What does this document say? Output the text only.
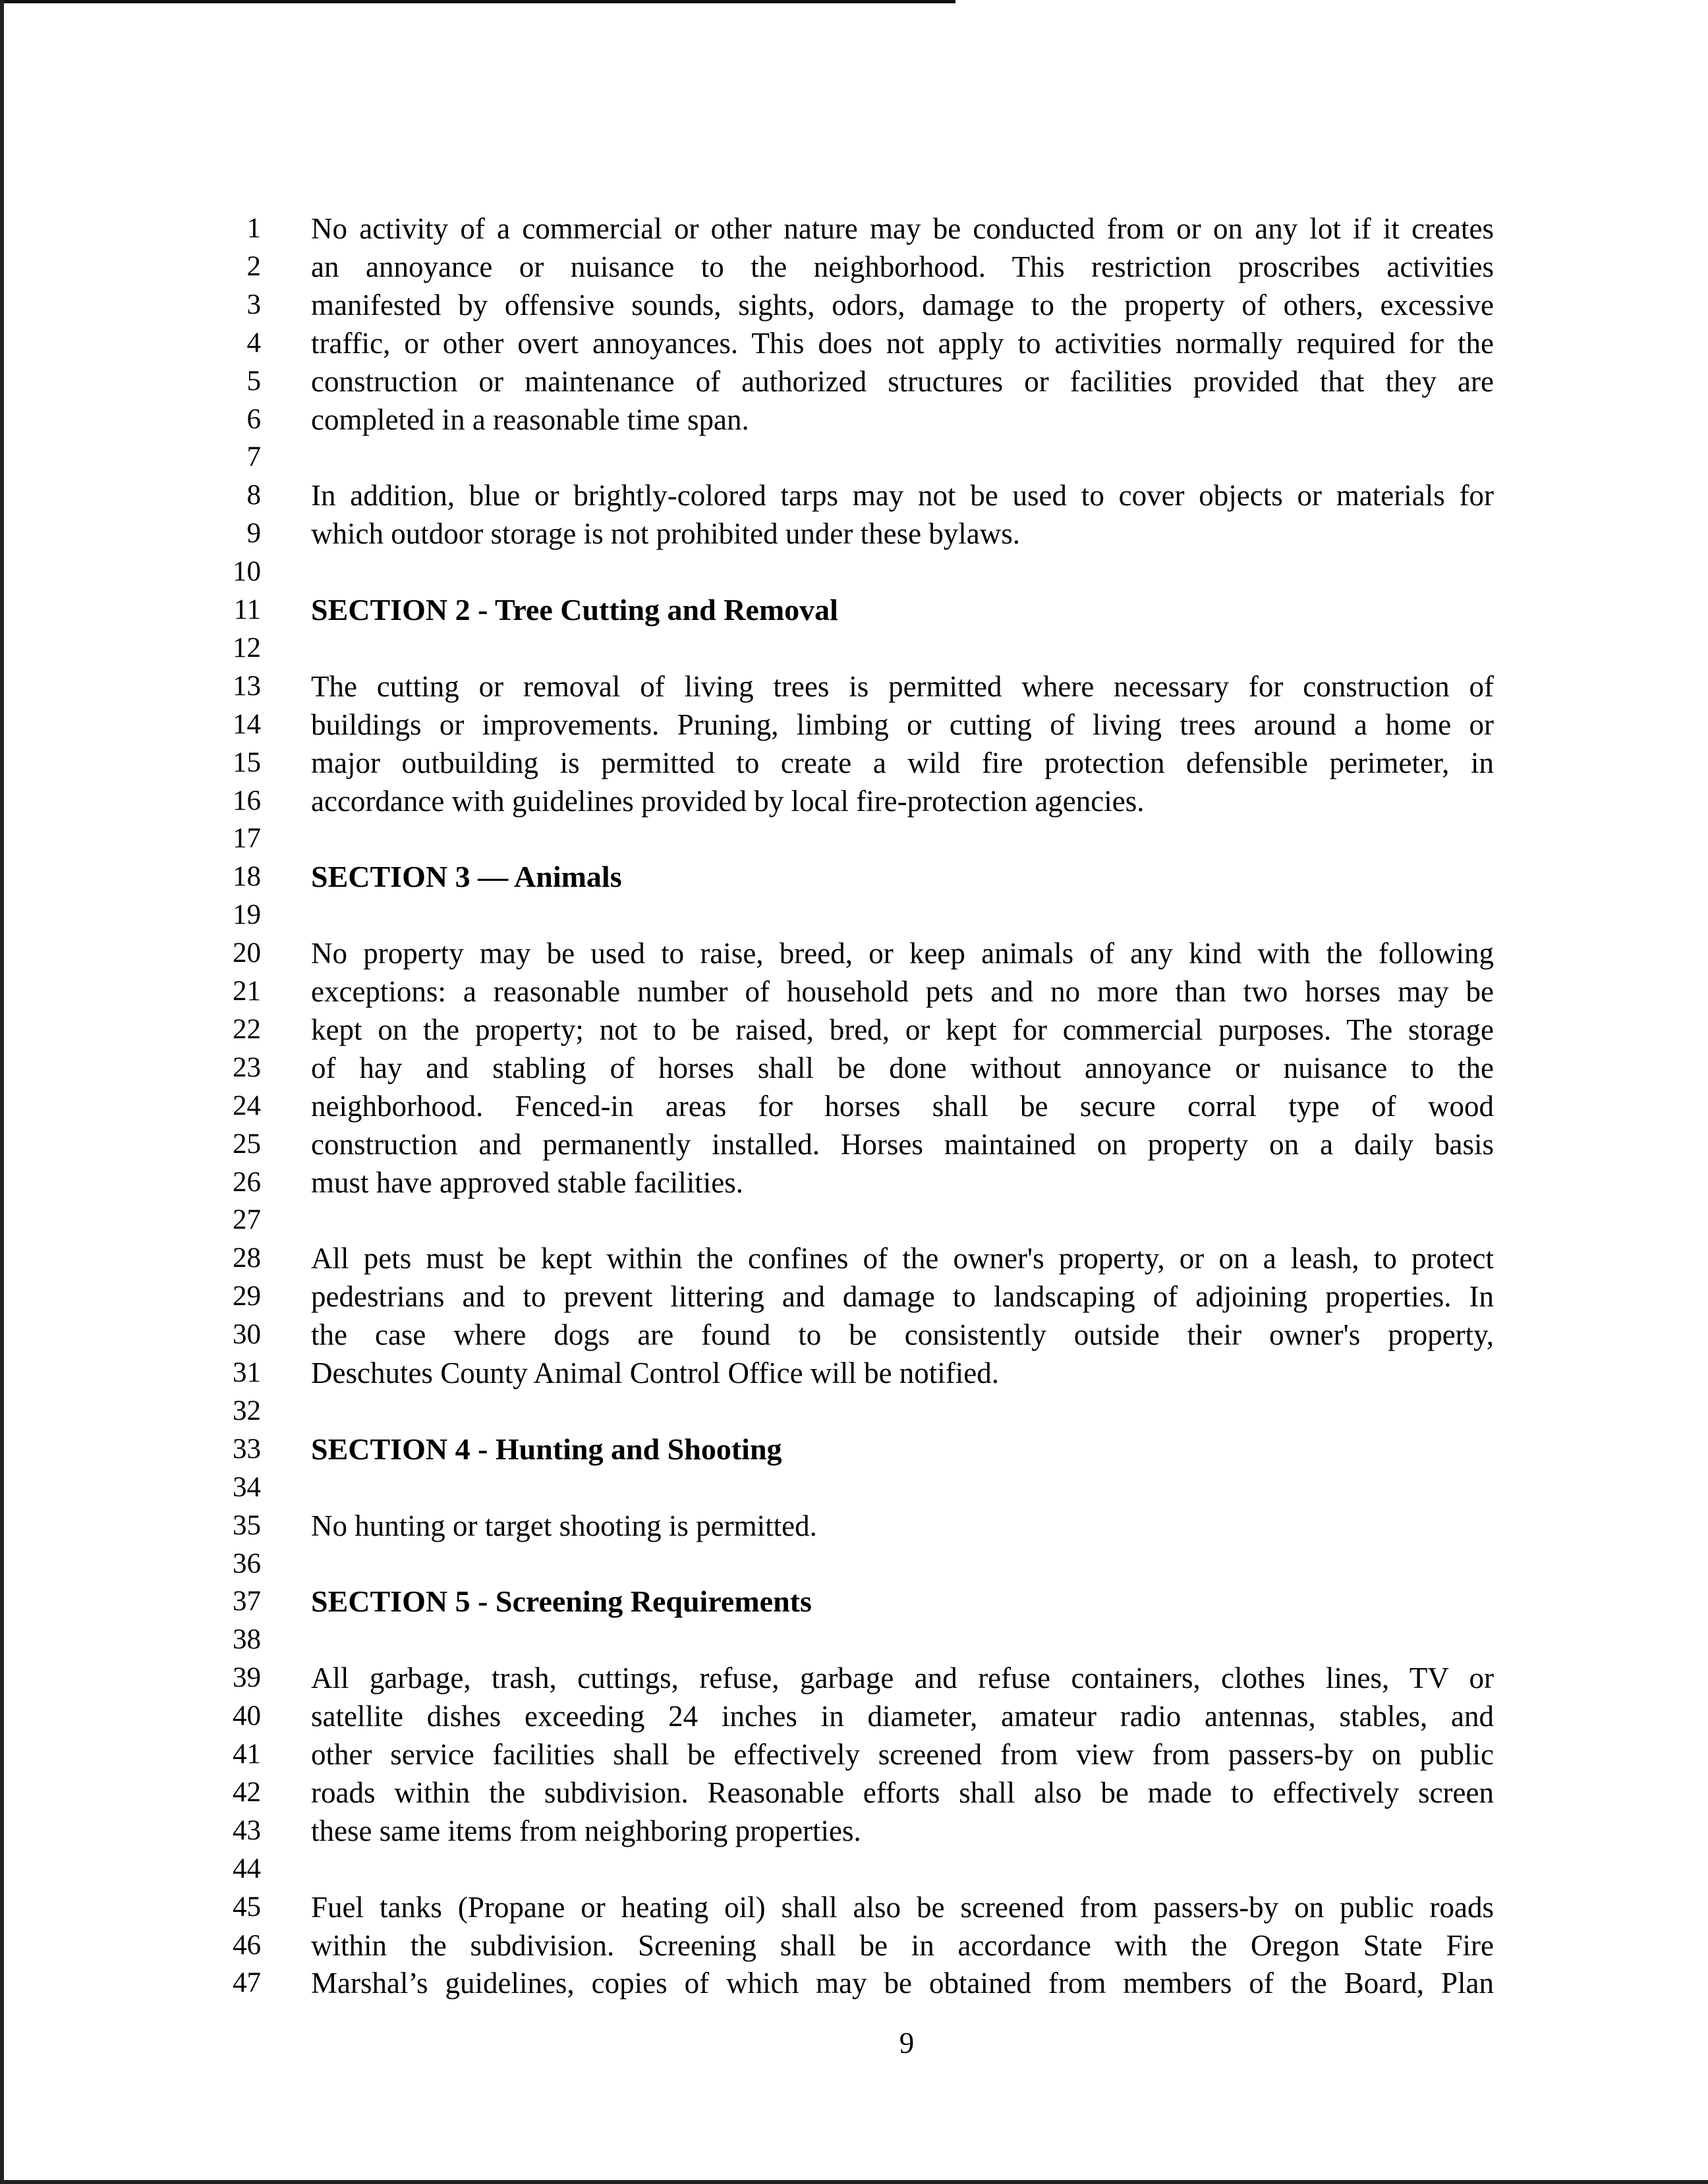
1 No activity of a commercial or other nature may be conducted from or on any lot if it creates
2 an annoyance or nuisance to the neighborhood. This restriction proscribes activities
3 manifested by offensive sounds, sights, odors, damage to the property of others, excessive
4 traffic, or other overt annoyances. This does not apply to activities normally required for the
5 construction or maintenance of authorized structures or facilities provided that they are
6 completed in a reasonable time span.
7
8 In addition, blue or brightly-colored tarps may not be used to cover objects or materials for
9 which outdoor storage is not prohibited under these bylaws.
10
11 SECTION 2 - Tree Cutting and Removal
12
13 The cutting or removal of living trees is permitted where necessary for construction of
14 buildings or improvements. Pruning, limbing or cutting of living trees around a home or
15 major outbuilding is permitted to create a wild fire protection defensible perimeter, in
16 accordance with guidelines provided by local fire-protection agencies.
17
18 SECTION 3 — Animals
19
20 No property may be used to raise, breed, or keep animals of any kind with the following
21 exceptions: a reasonable number of household pets and no more than two horses may be
22 kept on the property; not to be raised, bred, or kept for commercial purposes. The storage
23 of hay and stabling of horses shall be done without annoyance or nuisance to the
24 neighborhood. Fenced-in areas for horses shall be secure corral type of wood
25 construction and permanently installed. Horses maintained on property on a daily basis
26 must have approved stable facilities.
27
28 All pets must be kept within the confines of the owner's property, or on a leash, to protect
29 pedestrians and to prevent littering and damage to landscaping of adjoining properties. In
30 the case where dogs are found to be consistently outside their owner's property,
31 Deschutes County Animal Control Office will be notified.
32
33 SECTION 4 - Hunting and Shooting
34
35 No hunting or target shooting is permitted.
36
37 SECTION 5 - Screening Requirements
38
39 All garbage, trash, cuttings, refuse, garbage and refuse containers, clothes lines, TV or
40 satellite dishes exceeding 24 inches in diameter, amateur radio antennas, stables, and
41 other service facilities shall be effectively screened from view from passers-by on public
42 roads within the subdivision. Reasonable efforts shall also be made to effectively screen
43 these same items from neighboring properties.
44
45 Fuel tanks (Propane or heating oil) shall also be screened from passers-by on public roads
46 within the subdivision. Screening shall be in accordance with the Oregon State Fire
47 Marshal’s guidelines, copies of which may be obtained from members of the Board, Plan
9
